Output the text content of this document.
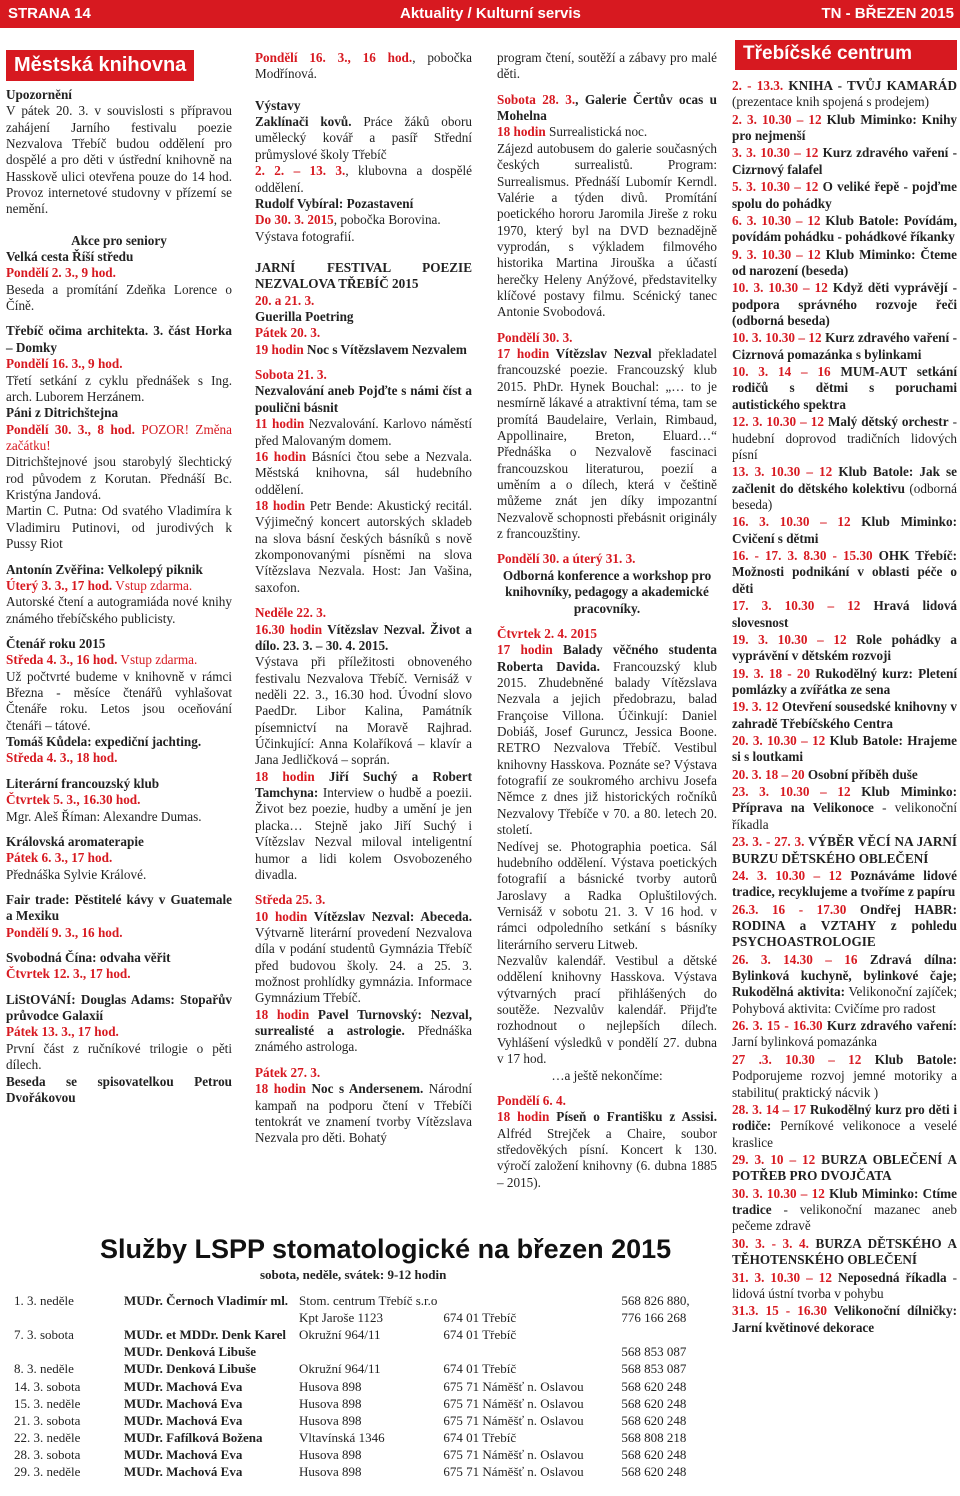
STRANA 14	Aktuality / Kulturní servis	TN - BŘEZEN 2015
Městská knihovna

Upozornění

V pátek 20. 3. v souvislosti s přípravou zahájení Jarního festivalu poezie Nezvalova Třebíč budou oddělení pro dospělé a pro děti v ústřední knihovně na Hasskově ulici otevřena pouze do 14 hod. Provoz internetové studovny v přízemí se nemění.

Akce pro seniory

Velká cesta Říší středu

Pondělí 2. 3., 9 hod.

Beseda a promítání Zdeňka Lorence o Číně.

Třebíč očima architekta. 3. část Horka – Domky

Pondělí 16. 3., 9 hod.

Třetí setkání z cyklu přednášek s Ing. arch. Luborem Herzánem.

Páni z Ditrichštejna

Pondělí 30. 3., 8 hod. POZOR! Změna začátku!

Ditrichštejnové jsou starobylý šlechtický rod původem z Korutan. Přednáší Bc. Kristýna Jandová.

Martin C. Putna: Od svatého Vladimíra k Vladimiru Putinovi, od jurodivých k Pussy Riot

Antonín Zvěřina: Velkolepý piknik

Úterý 3. 3., 17 hod. Vstup zdarma.

Autorské čtení a autogramiáda nové knihy známého třebíčského publicisty.

Čtenář roku 2015

Středa 4. 3., 16 hod. Vstup zdarma.

Už počtvrté budeme v knihovně v rámci Března - měsíce čtenářů vyhlašovat Čtenáře roku. Letos jsou oceňování čtenáři – tátové.

Tomáš Kůdela: expediční jachting.

Středa 4. 3., 18 hod.

Literární francouzský klub

Čtvrtek 5. 3., 16.30 hod.

Mgr. Aleš Říman: Alexandre Dumas.

Královská aromaterapie

Pátek 6. 3., 17 hod.

Přednáška Sylvie Králové.

Fair trade: Pěstitelé kávy v Guatemale a Mexiku

Pondělí 9. 3., 16 hod.

Svobodná Čína: odvaha věřit

Čtvrtek 12. 3., 17 hod.

LiStOVáNÍ: Douglas Adams: Stopařův průvodce Galaxií

Pátek 13. 3., 17 hod.

První část z ručníkové trilogie o pěti dílech.

Beseda se spisovatelkou Petrou Dvořákovou

Pondělí 16. 3., 16 hod., pobočka Modřínová.

Výstavy

Zaklínači kovů. Práce žáků oboru umělecký kovář a pasíř Střední průmyslové školy Třebíč

2. 2. – 13. 3., klubovna a dospělé oddělení.

Rudolf Vybíral: Pozastavení

Do 30. 3. 2015, pobočka Borovina.

Výstava fotografií.

JARNÍ FESTIVAL POEZIE NEZVALOVA TŘEBÍČ 2015

20. a 21. 3.

Guerilla Poetring

Pátek 20. 3.

19 hodin Noc s Vítězslavem Nezvalem

Sobota 21. 3.

Nezvalování aneb Pojďte s námi číst a poulični básnit

11 hodin Nezvalování. Karlovo náměstí před Malovaným domem.

16 hodin Básníci čtou sebe a Nezvala. Městská knihovna, sál hudebního oddělení.

18 hodin Petr Bende: Akustický recitál. Výjimečný koncert autorských skladeb na slova básní českých básníků s nově zkomponovanými písněmi na slova Vítězslava Nezvala. Host: Jan Vašina, saxofon.

Neděle 22. 3.

16.30 hodin Vítězslav Nezval. Život a dílo. 23. 3. – 30. 4. 2015.

Výstava při příležitosti obnoveného festivalu Nezvalova Třebíč. Vernisáž v neděli 22. 3., 16.30 hod. Úvodní slovo PaedDr. Libor Kalina, Památník písemnictví na Moravě Rajhrad. Účinkující: Anna Kolaříková – klavír a Jana Jedličková – soprán.

18 hodin Jiří Suchý a Robert Tamchyna: Interview o hudbě a poezii. Život bez poezie, hudby a umění je jen placka… Stejně jako Jiří Suchý i Vítězslav Nezval miloval inteligentní humor a lidi kolem Osvobozeného divadla.

Středa 25. 3.

10 hodin Vítězslav Nezval: Abeceda. Výtvarně literární provedení Nezvalova díla v podání studentů Gymnázia Třebíč před budovou školy. 24. a 25. 3. možnost prohlídky gymnázia. Informace Gymnázium Třebíč.

18 hodin Pavel Turnovský: Nezval, surrealisté a astrologie. Přednáška známého astrologa.

Pátek 27. 3.

18 hodin Noc s Andersenem. Národní kampaň na podporu čtení v Třebíči tentokrát ve znamení tvorby Vítězslava Nezvala pro děti. Bohatý

program čtení, soutěží a zábavy pro malé děti.

Sobota 28. 3., Galerie Čertův ocas u Mohelna

18 hodin Surrealistická noc.

Zájezd autobusem do galerie současných českých surrealistů. Program: Surrealismus. Přednáší Lubomír Kerndl. Valérie a týden divů. Promítání poetického hororu Jaromila Jireše z roku 1970, který byl na DVD beznadějně vyprodán, s výkladem filmového historika Martina Jirouška a účastí herečky Heleny Anýžové, představitelky klíčové postavy filmu. Scénický tanec Antonie Svobodová.

Pondělí 30. 3.

17 hodin Vítězslav Nezval překladatel francouzské poezie. Francouzský klub 2015. PhDr. Hynek Bouchal: „… to je nesmírně lákavé a atraktivní téma, tam se promítá Baudelaire, Verlain, Rimbaud, Appollinaire, Breton, Eluard…“ Přednáška o Nezvalově fascinaci francouzskou literaturou, poezií a uměním a o dílech, která v češtině můžeme znát jen díky impozantní Nezvalově schopnosti přebásnit originály z francouzštiny.

Pondělí 30. a úterý 31. 3.

Odborná konference a workshop pro knihovníky, pedagogy a akademické pracovníky.

Čtvrtek 2. 4. 2015

17 hodin Balady věčného studenta Roberta Davida. Francouzský klub 2015. Zhudebněné balady Vítězslava Nezvala a jejich předobrazu, balad Françoise Villona. Účinkují: Daniel Dobiáš, Josef Guruncz, Jessica Boone. RETRO Nezvalova Třebíč. Vestibul knihovny Hasskova. Poznáte se? Výstava fotografií ze soukromého archivu Josefa Němce z dnes již historických ročníků Nezvalovy Třebíče v 70. a 80. letech 20. století.

Nedívej se. Photographia poetica. Sál hudebního oddělení. Výstava poetických fotografií a básnické tvorby autorů Jaroslavy a Radka Opluštilových. Vernisáž v sobotu 21. 3. V 16 hod. v rámci odpoledního setkání s básníky literárního serveru Litweb.

Nezvalův kalendář. Vestibul a dětské oddělení knihovny Hasskova. Výstava výtvarných prací přihlášených do soutěže. Nezvalův kalendář. Přijďte rozhodnout o nejlepších dílech. Vyhlášení výsledků v pondělí 27. dubna v 17 hod.

…a ještě nekončíme:

Pondělí 6. 4.

18 hodin Píseň o Františku z Assisi. Alfréd Strejček a Chaire, soubor středověkých písní. Koncert k 130. výročí založení knihovny (6. dubna 1885 – 2015).

Třebíčské centrum

2. - 13.3. KNIHA - TVŮJ KAMARÁD (prezentace knih spojená s prodejem)

2. 3. 10.30 – 12 Klub Miminko: Knihy pro nejmenší

3. 3. 10.30 – 12 Kurz zdravého vaření - Cizrnový falafel

5. 3. 10.30 – 12 O veliké řepě - pojďme spolu do pohádky

6. 3. 10.30 – 12 Klub Batole: Povídám, povídám pohádku - pohádkové říkanky

9. 3. 10.30 – 12 Klub Miminko: Čteme od narození (beseda)

10. 3. 10.30 – 12 Když děti vyprávějí - podpora správného rozvoje řeči (odborná beseda)

10. 3. 10.30 – 12 Kurz zdravého vaření - Cizrnová pomazánka s bylinkami

10. 3. 14 – 16 MUM-AUT setkání rodičů s dětmi s poruchami autistického spektra

12. 3. 10.30 – 12 Malý dětský orchestr - hudební doprovod tradičních lidových písní

13. 3. 10.30 – 12 Klub Batole: Jak se začlenit do dětského kolektivu (odborná beseda)

16. 3. 10.30 – 12 Klub Miminko: Cvičení s dětmi

16. - 17. 3. 8.30 - 15.30 OHK Třebíč: Možnosti podnikání v oblasti péče o děti

17. 3. 10.30 – 12 Hravá lidová slovesnost

19. 3. 10.30 – 12 Role pohádky a vyprávění v dětském rozvoji

19. 3. 18 - 20 Rukodělný kurz: Pletení pomlázky a zvířátka ze sena

19. 3. 12 Otevření sousedské knihovny v zahradě Třebíčského Centra

20. 3. 10.30 – 12 Klub Batole: Hrajeme si s loutkami

20. 3. 18 – 20 Osobní příběh duše

23. 3. 10.30 – 12 Klub Miminko: Příprava na Velikonoce - velikonoční říkadla

23. 3. - 27. 3. VÝBĚR VĚCÍ NA JARNÍ BURZU DĚTSKÉHO OBLEČENÍ

24. 3. 10.30 – 12 Poznáváme lidové tradice, recyklujeme a tvoříme z papíru

26.3. 16 - 17.30 Ondřej HABR: RODINA a VZTAHY z pohledu PSYCHOASTROLOGIE

26. 3. 14.30 – 16 Zdravá dílna: Bylinková kuchyně, bylinkové čaje; Rukodělná aktivita: Velikonoční zajíček; Pohybová aktivita: Cvičíme pro radost

26. 3. 15 - 16.30 Kurz zdravého vaření: Jarní bylinková pomazánka

27 .3. 10.30 – 12 Klub Batole: Podporujeme rozvoj jemné motoriky a stabilitu( praktický nácvik )

28. 3. 14 – 17 Rukodělný kurz pro děti i rodiče: Perníkové velikonoce a veselé kraslice

29. 3. 10 – 12 BURZA OBLEČENÍ A POTŘEB PRO DVOJČATA

30. 3. 10.30 – 12 Klub Miminko: Ctíme tradice - velikonoční mazanec aneb pečeme zdravě

30. 3. - 3. 4. BURZA DĚTSKÉHO A TĚHOTENSKÉHO OBLEČENÍ

31. 3. 10.30 – 12 Neposedná říkadla - lidová ústní tvorba v pohybu

31.3. 15 - 16.30 Velikonoční dílničky: Jarní květinové dekorace

Služby LSPP stomatologické na březen 2015
sobota, neděle, svátek: 9-12 hodin
1. 3. neděle	MUDr. Černoch Vladimír ml.	Stom. centrum Třebíč s.r.o		568 826 880,
		Kpt Jaroše 1123	674 01 Třebíč	776 166 268
7. 3. sobota	MUDr. et MDDr. Denk Karel	Okružní 964/11	674 01 Třebíč	
	MUDr. Denková Libuše			568 853 087
8. 3. neděle	MUDr. Denková Libuše	Okružní 964/11	674 01 Třebíč	568 853 087
14. 3. sobota	MUDr. Machová Eva	Husova 898	675 71 Náměšť n. Oslavou	568 620 248
15. 3. neděle	MUDr. Machová Eva	Husova 898	675 71 Náměšť n. Oslavou	568 620 248
21. 3. sobota	MUDr. Machová Eva	Husova 898	675 71 Náměšť n. Oslavou	568 620 248
22. 3. neděle	MUDr. Fafílková Božena	Vltavínská 1346	674 01 Třebíč	568 808 218
28. 3. sobota	MUDr. Machová Eva	Husova 898	675 71 Náměšť n. Oslavou	568 620 248
29. 3. neděle	MUDr. Machová Eva	Husova 898	675 71 Náměšť n. Oslavou	568 620 248
